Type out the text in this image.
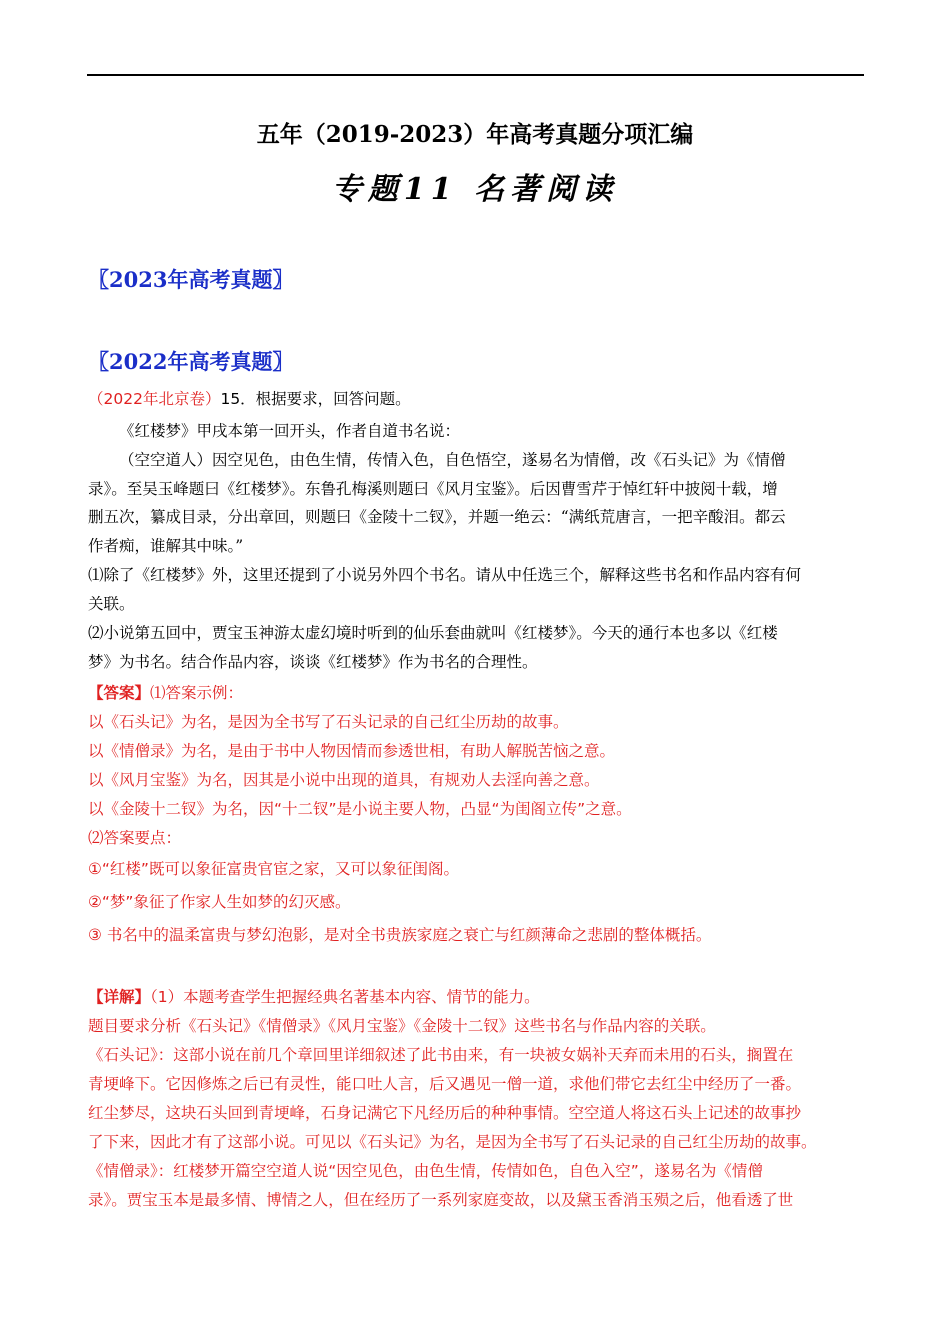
五年（2019-2023）年高考真题分项汇编
专题11 名著阅读
〖2023年高考真题〗
〖2022年高考真题〗
（2022年北京卷）15．根据要求，回答问题。
《红楼梦》甲戌本第一回开头，作者自道书名说：
（空空道人）因空见色，由色生情，传情入色，自色悟空，遂易名为情僧，改《石头记》为《情僧
录》。至吴玉峰题曰《红楼梦》。东鲁孔梅溪则题曰《风月宝鉴》。后因曹雪芹于悼红轩中披阅十载，增
删五次，纂成目录，分出章回，则题曰《金陵十二钗》，并题一绝云：“满纸荒唐言，一把辛酸泪。都云
作者痴，谁解其中味。”
⑴除了《红楼梦》外，这里还提到了小说另外四个书名。请从中任选三个，解释这些书名和作品内容有何
关联。
⑵小说第五回中，贾宝玉神游太虚幻境时听到的仙乐套曲就叫《红楼梦》。今天的通行本也多以《红楼
梦》为书名。结合作品内容，谈谈《红楼梦》作为书名的合理性。
【答案】⑴答案示例：
以《石头记》为名，是因为全书写了石头记录的自己红尘历劫的故事。
以《情僧录》为名，是由于书中人物因情而参透世相，有助人解脱苦恼之意。
以《风月宝鉴》为名，因其是小说中出现的道具，有规劝人去淫向善之意。
以《金陵十二钗》为名，因“十二钗”是小说主要人物，凸显“为闺阁立传”之意。
⑵答案要点：
①“红楼”既可以象征富贵官宦之家，又可以象征闺阁。
②“梦”象征了作家人生如梦的幻灭感。
③ 书名中的温柔富贵与梦幻泡影，是对全书贵族家庭之衰亡与红颜薄命之悲剧的整体概括。
【详解】（1）本题考查学生把握经典名著基本内容、情节的能力。
题目要求分析《石头记》《情僧录》《风月宝鉴》《金陵十二钗》这些书名与作品内容的关联。
《石头记》：这部小说在前几个章回里详细叙述了此书由来，有一块被女娲补天弃而未用的石头，搁置在
青埂峰下。它因修炼之后已有灵性，能口吐人言，后又遇见一僧一道，求他们带它去红尘中经历了一番。
红尘梦尽，这块石头回到青埂峰，石身记满它下凡经历后的种种事情。空空道人将这石头上记述的故事抄
了下来，因此才有了这部小说。可见以《石头记》为名，是因为全书写了石头记录的自己红尘历劫的故事。
《情僧录》：红楼梦开篇空空道人说“因空见色，由色生情，传情如色，自色入空”，遂易名为《情僧
录》。贾宝玉本是最多情、博情之人，但在经历了一系列家庭变故，以及黛玉香消玉殒之后，他看透了世
